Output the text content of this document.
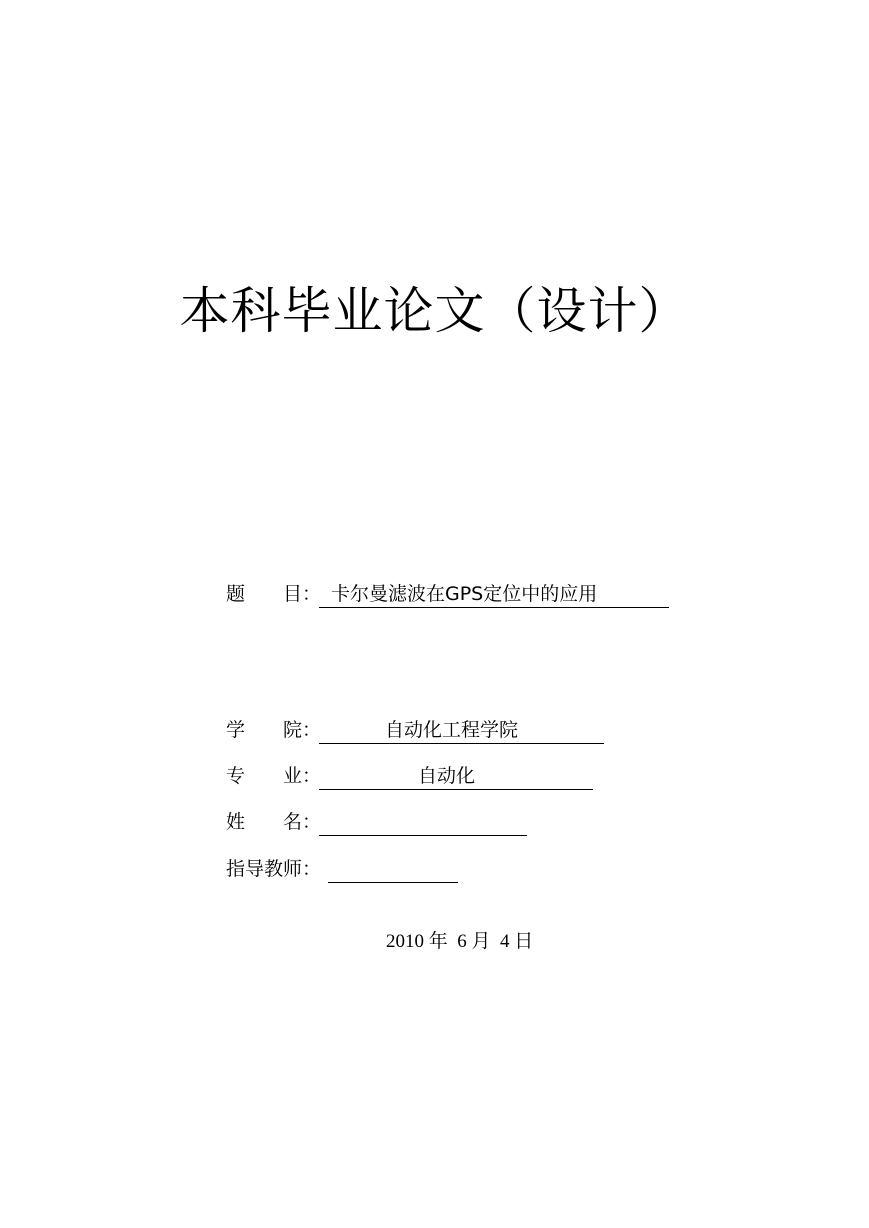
本科毕业论文（设计）
题　　目： 卡尔曼滤波在GPS定位中的应用
学　　院：	自动化工程学院
专　　业：	自动化
姓　　名：
指导教师：

2010 年  6 月  4 日
